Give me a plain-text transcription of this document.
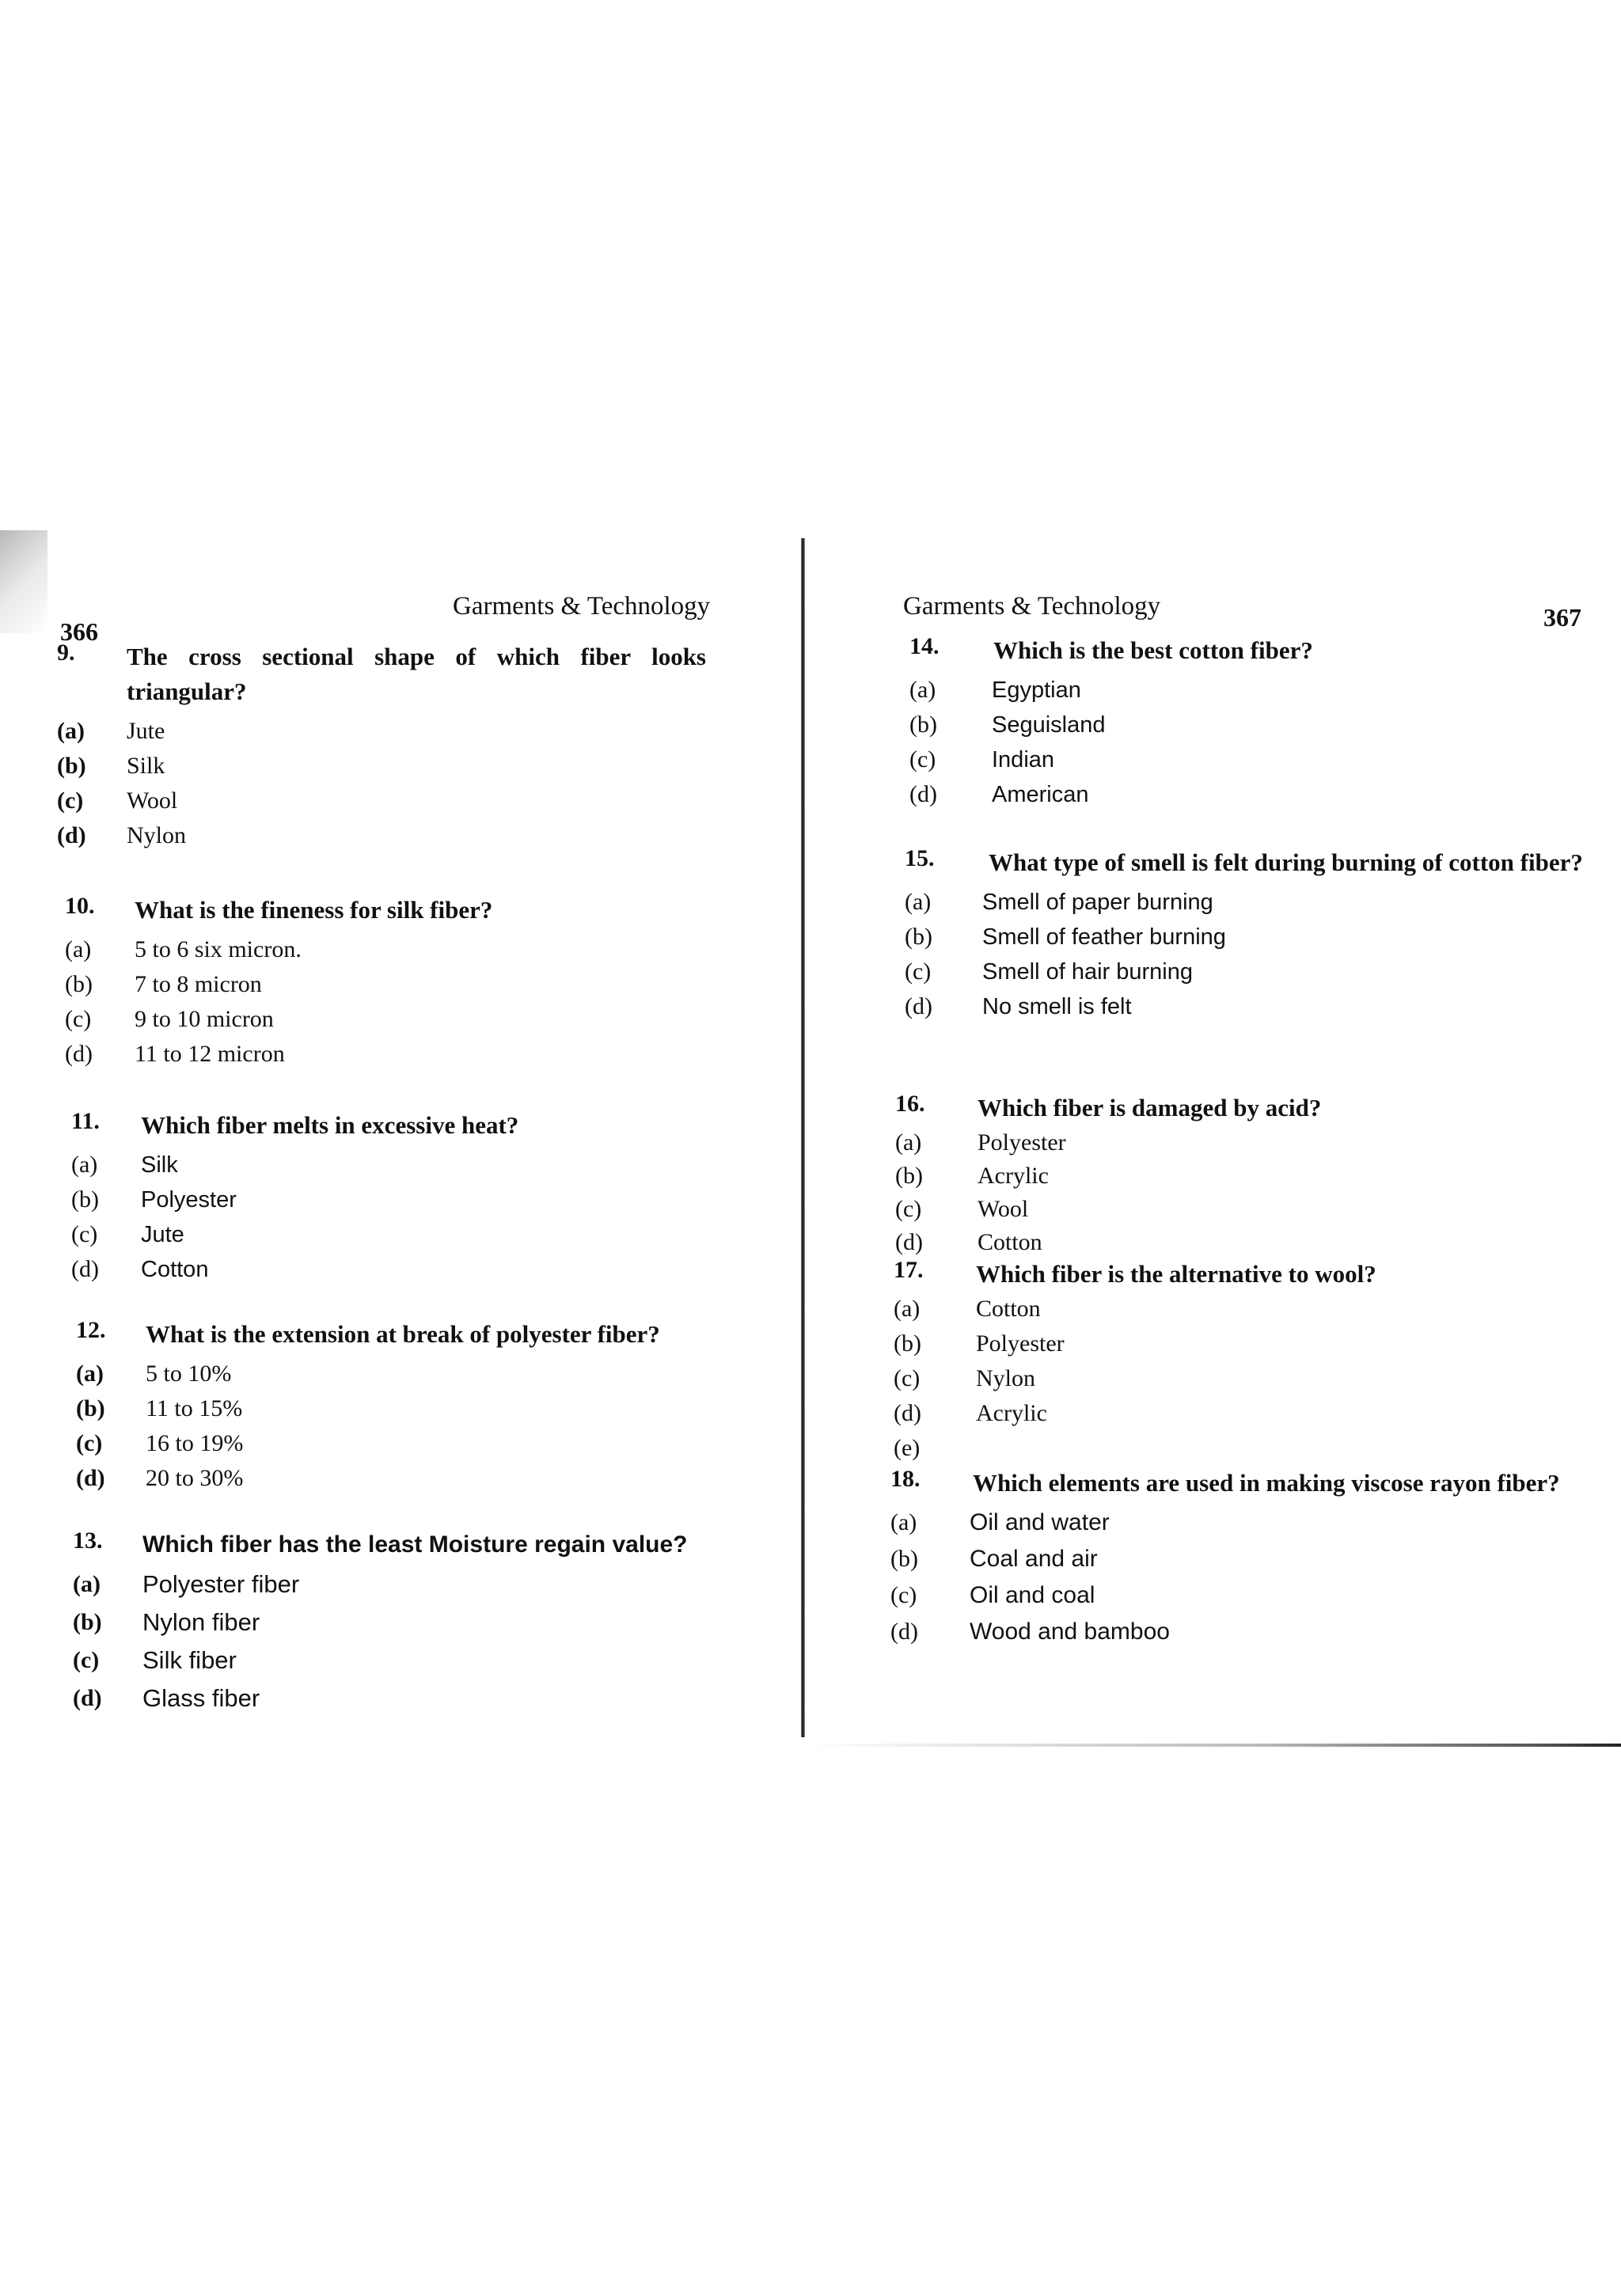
366
Garments & Technology
9. The cross sectional shape of which fiber looks triangular?
(a) Jute
(b) Silk
(c) Wool
(d) Nylon
10. What is the fineness for silk fiber?
(a) 5 to 6 six micron.
(b) 7 to 8 micron
(c) 9 to 10 micron
(d) 11 to 12 micron
11. Which fiber melts in excessive heat?
(a) Silk
(b) Polyester
(c) Jute
(d) Cotton
12. What is the extension at break of polyester fiber?
(a) 5 to 10%
(b) 11 to 15%
(c) 16 to 19%
(d) 20 to 30%
13. Which fiber has the least Moisture regain value?
(a) Polyester fiber
(b) Nylon fiber
(c) Silk fiber
(d) Glass fiber
Garments & Technology	367
14. Which is the best cotton fiber?
(a) Egyptian
(b) Seguisland
(c) Indian
(d) American
15. What type of smell is felt during burning of cotton fiber?
(a) Smell of paper burning
(b) Smell of feather burning
(c) Smell of hair burning
(d) No smell is felt
16. Which fiber is damaged by acid?
(a) Polyester
(b) Acrylic
(c) Wool
(d) Cotton
17. Which fiber is the alternative to wool?
(a) Cotton
(b) Polyester
(c) Nylon
(d) Acrylic
(e)
18. Which elements are used in making viscose rayon fiber?
(a) Oil and water
(b) Coal and air
(c) Oil and coal
(d) Wood and bamboo
